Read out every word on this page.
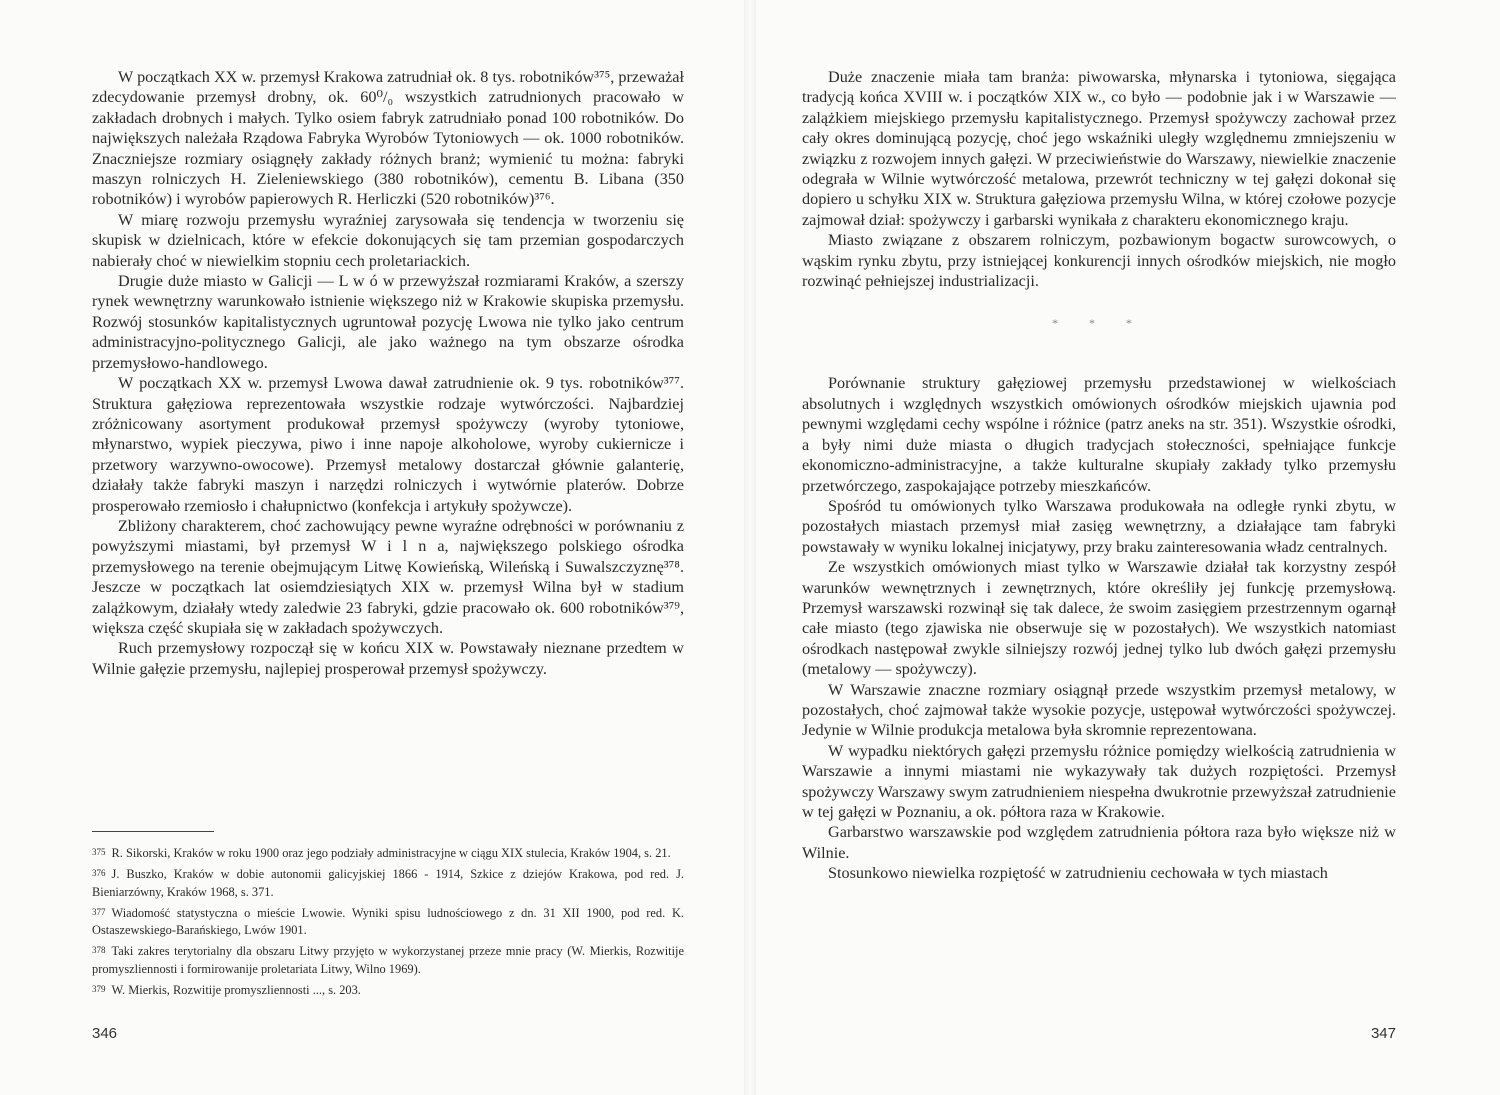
W początkach XX w. przemysł Krakowa zatrudniał ok. 8 tys. robotników³⁷⁵, przeważał zdecydowanie przemysł drobny, ok. 60⁰/₀ wszystkich zatrudnionych pracowało w zakładach drobnych i małych. Tylko osiem fabryk zatrudniało ponad 100 robotników. Do największych należała Rządowa Fabryka Wyrobów Tytoniowych — ok. 1000 robotników. Znaczniejsze rozmiary osiągnęły zakłady różnych branż; wymienić tu można: fabryki maszyn rolniczych H. Zieleniewskiego (380 robotników), cementu B. Libana (350 robotników) i wyrobów papierowych R. Herliczki (520 robotników)³⁷⁶.

W miarę rozwoju przemysłu wyraźniej zarysowała się tendencja w tworzeniu się skupisk w dzielnicach, które w efekcie dokonujących się tam przemian gospodarczych nabierały choć w niewielkim stopniu cech proletariackich.

Drugie duże miasto w Galicji — L w ó w przewyższał rozmiarami Kraków, a szerszy rynek wewnętrzny warunkowało istnienie większego niż w Krakowie skupiska przemysłu. Rozwój stosunków kapitalistycznych ugruntował pozycję Lwowa nie tylko jako centrum administracyjno-politycznego Galicji, ale jako ważnego na tym obszarze ośrodka przemysłowo-handlowego.

W początkach XX w. przemysł Lwowa dawał zatrudnienie ok. 9 tys. robotników³⁷⁷. Struktura gałęziowa reprezentowała wszystkie rodzaje wytwórczości. Najbardziej zróżnicowany asortyment produkował przemysł spożywczy (wyroby tytoniowe, młynarstwo, wypiek pieczywa, piwo i inne napoje alkoholowe, wyroby cukiernicze i przetwory warzywno-owocowe). Przemysł metalowy dostarczał głównie galanterię, działały także fabryki maszyn i narzędzi rolniczych i wytwórnie platerów. Dobrze prosperowało rzemiosło i chałupnictwo (konfekcja i artykuły spożywcze).

Zbliżony charakterem, choć zachowujący pewne wyraźne odrębności w porównaniu z powyższymi miastami, był przemysł W i l n a, największego polskiego ośrodka przemysłowego na terenie obejmującym Litwę Kowieńską, Wileńską i Suwalszczyznę³⁷⁸. Jeszcze w początkach lat osiemdziesiątych XIX w. przemysł Wilna był w stadium zalążkowym, działały wtedy zaledwie 23 fabryki, gdzie pracowało ok. 600 robotników³⁷⁹, większa część skupiała się w zakładach spożywczych.

Ruch przemysłowy rozpoczął się w końcu XIX w. Powstawały nieznane przedtem w Wilnie gałęzie przemysłu, najlepiej prosperował przemysł spożywczy.

375 R. Sikorski, Kraków w roku 1900 oraz jego podziały administracyjne w ciągu XIX stulecia, Kraków 1904, s. 21.
376 J. Buszko, Kraków w dobie autonomii galicyjskiej 1866 - 1914, Szkice z dziejów Krakowa, pod red. J. Bieniarzówny, Kraków 1968, s. 371.
377 Wiadomość statystyczna o mieście Lwowie. Wyniki spisu ludnościowego z dn. 31 XII 1900, pod red. K. Ostaszewskiego-Barańskiego, Lwów 1901.
378 Taki zakres terytorialny dla obszaru Litwy przyjęto w wykorzystanej przeze mnie pracy (W. Mierkis, Rozwitije promyszliennosti i formirowanije proletariata Litwy, Wilno 1969).
379 W. Mierkis, Rozwitije promyszliennosti ..., s. 203.
346

Duże znaczenie miała tam branża: piwowarska, młynarska i tytoniowa, sięgająca tradycją końca XVIII w. i początków XIX w., co było — podobnie jak i w Warszawie — zalążkiem miejskiego przemysłu kapitalistycznego. Przemysł spożywczy zachował przez cały okres dominującą pozycję, choć jego wskaźniki uległy względnemu zmniejszeniu w związku z rozwojem innych gałęzi. W przeciwieństwie do Warszawy, niewielkie znaczenie odegrała w Wilnie wytwórczość metalowa, przewrót techniczny w tej gałęzi dokonał się dopiero u schyłku XIX w. Struktura gałęziowa przemysłu Wilna, w której czołowe pozycje zajmował dział: spożywczy i garbarski wynikała z charakteru ekonomicznego kraju.

Miasto związane z obszarem rolniczym, pozbawionym bogactw surowcowych, o wąskim rynku zbytu, przy istniejącej konkurencji innych ośrodków miejskich, nie mogło rozwinąć pełniejszej industrializacji.

* * *

Porównanie struktury gałęziowej przemysłu przedstawionej w wielkościach absolutnych i względnych wszystkich omówionych ośrodków miejskich ujawnia pod pewnymi względami cechy wspólne i różnice (patrz aneks na str. 351). Wszystkie ośrodki, a były nimi duże miasta o długich tradycjach stołeczności, spełniające funkcje ekonomiczno-administracyjne, a także kulturalne skupiały zakłady tylko przemysłu przetwórczego, zaspokajające potrzeby mieszkańców.

Spośród tu omówionych tylko Warszawa produkowała na odległe rynki zbytu, w pozostałych miastach przemysł miał zasięg wewnętrzny, a działające tam fabryki powstawały w wyniku lokalnej inicjatywy, przy braku zainteresowania władz centralnych.

Ze wszystkich omówionych miast tylko w Warszawie działał tak korzystny zespół warunków wewnętrznych i zewnętrznych, które określiły jej funkcję przemysłową. Przemysł warszawski rozwinął się tak dalece, że swoim zasięgiem przestrzennym ogarnął całe miasto (tego zjawiska nie obserwuje się w pozostałych). We wszystkich natomiast ośrodkach następował zwykle silniejszy rozwój jednej tylko lub dwóch gałęzi przemysłu (metalowy — spożywczy).

W Warszawie znaczne rozmiary osiągnął przede wszystkim przemysł metalowy, w pozostałych, choć zajmował także wysokie pozycje, ustępował wytwórczości spożywczej. Jedynie w Wilnie produkcja metalowa była skromnie reprezentowana.

W wypadku niektórych gałęzi przemysłu różnice pomiędzy wielkością zatrudnienia w Warszawie a innymi miastami nie wykazywały tak dużych rozpiętości. Przemysł spożywczy Warszawy swym zatrudnieniem niespełna dwukrotnie przewyższał zatrudnienie w tej gałęzi w Poznaniu, a ok. półtora raza w Krakowie.

Garbarstwo warszawskie pod względem zatrudnienia półtora raza było większe niż w Wilnie.

Stosunkowo niewielka rozpiętość w zatrudnieniu cechowała w tych miastach

347
